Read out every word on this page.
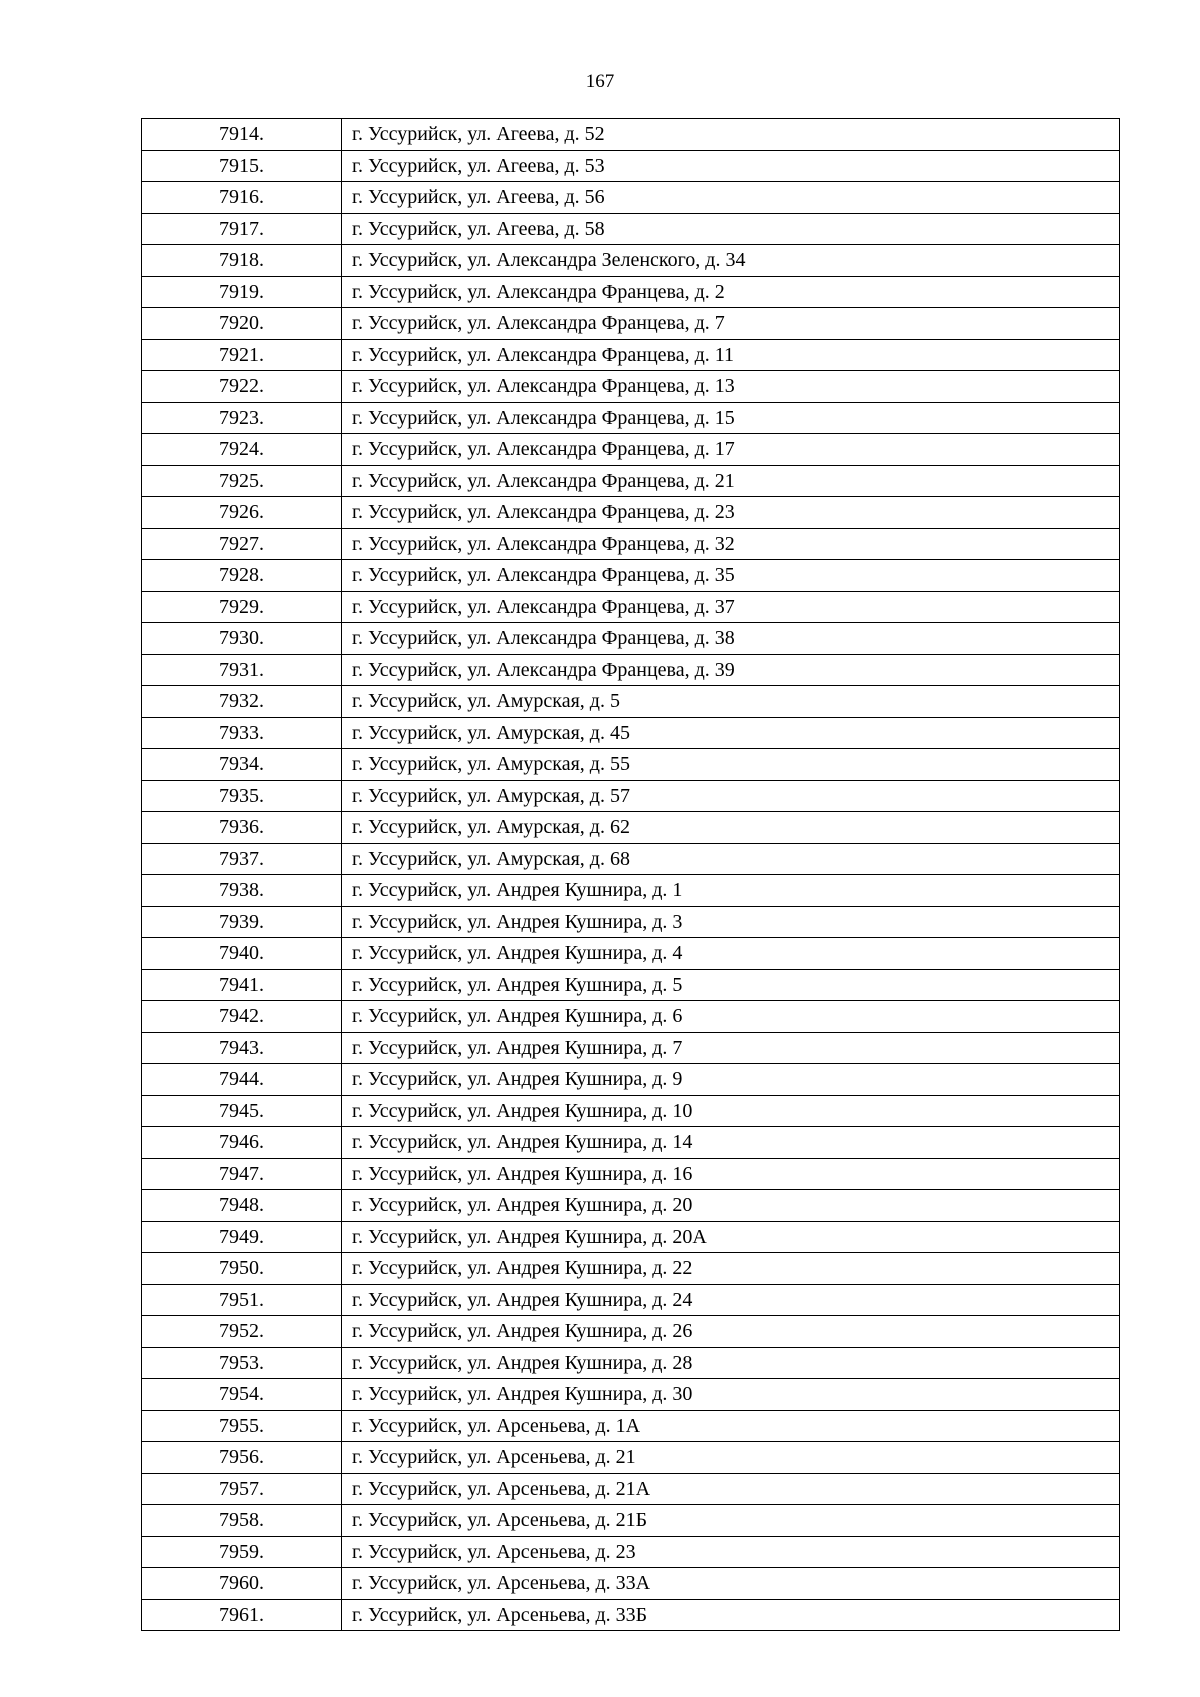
167
7914.	г. Уссурийск, ул. Агеева, д. 52
7915.	г. Уссурийск, ул. Агеева, д. 53
7916.	г. Уссурийск, ул. Агеева, д. 56
7917.	г. Уссурийск, ул. Агеева, д. 58
7918.	г. Уссурийск, ул. Александра Зеленского, д. 34
7919.	г. Уссурийск, ул. Александра Францева, д. 2
7920.	г. Уссурийск, ул. Александра Францева, д. 7
7921.	г. Уссурийск, ул. Александра Францева, д. 11
7922.	г. Уссурийск, ул. Александра Францева, д. 13
7923.	г. Уссурийск, ул. Александра Францева, д. 15
7924.	г. Уссурийск, ул. Александра Францева, д. 17
7925.	г. Уссурийск, ул. Александра Францева, д. 21
7926.	г. Уссурийск, ул. Александра Францева, д. 23
7927.	г. Уссурийск, ул. Александра Францева, д. 32
7928.	г. Уссурийск, ул. Александра Францева, д. 35
7929.	г. Уссурийск, ул. Александра Францева, д. 37
7930.	г. Уссурийск, ул. Александра Францева, д. 38
7931.	г. Уссурийск, ул. Александра Францева, д. 39
7932.	г. Уссурийск, ул. Амурская, д. 5
7933.	г. Уссурийск, ул. Амурская, д. 45
7934.	г. Уссурийск, ул. Амурская, д. 55
7935.	г. Уссурийск, ул. Амурская, д. 57
7936.	г. Уссурийск, ул. Амурская, д. 62
7937.	г. Уссурийск, ул. Амурская, д. 68
7938.	г. Уссурийск, ул. Андрея Кушнира, д. 1
7939.	г. Уссурийск, ул. Андрея Кушнира, д. 3
7940.	г. Уссурийск, ул. Андрея Кушнира, д. 4
7941.	г. Уссурийск, ул. Андрея Кушнира, д. 5
7942.	г. Уссурийск, ул. Андрея Кушнира, д. 6
7943.	г. Уссурийск, ул. Андрея Кушнира, д. 7
7944.	г. Уссурийск, ул. Андрея Кушнира, д. 9
7945.	г. Уссурийск, ул. Андрея Кушнира, д. 10
7946.	г. Уссурийск, ул. Андрея Кушнира, д. 14
7947.	г. Уссурийск, ул. Андрея Кушнира, д. 16
7948.	г. Уссурийск, ул. Андрея Кушнира, д. 20
7949.	г. Уссурийск, ул. Андрея Кушнира, д. 20А
7950.	г. Уссурийск, ул. Андрея Кушнира, д. 22
7951.	г. Уссурийск, ул. Андрея Кушнира, д. 24
7952.	г. Уссурийск, ул. Андрея Кушнира, д. 26
7953.	г. Уссурийск, ул. Андрея Кушнира, д. 28
7954.	г. Уссурийск, ул. Андрея Кушнира, д. 30
7955.	г. Уссурийск, ул. Арсеньева, д. 1А
7956.	г. Уссурийск, ул. Арсеньева, д. 21
7957.	г. Уссурийск, ул. Арсеньева, д. 21А
7958.	г. Уссурийск, ул. Арсеньева, д. 21Б
7959.	г. Уссурийск, ул. Арсеньева, д. 23
7960.	г. Уссурийск, ул. Арсеньева, д. 33А
7961.	г. Уссурийск, ул. Арсеньева, д. 33Б
